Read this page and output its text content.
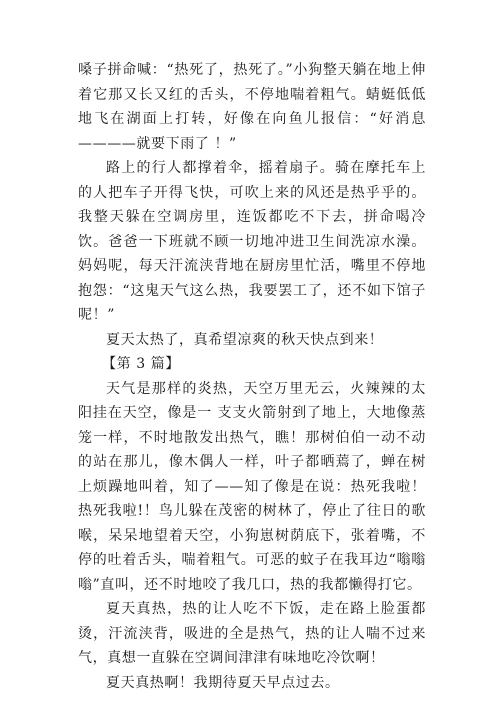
嗓子拼命喊：“热死了，热死了。”小狗整天躺在地上伸着它那又长又红的舌头，不停地喘着粗气。蜻蜓低低地飞在湖面上打转，好像在向鱼儿报信：“好消息————就要下雨了 ！”

路上的行人都撑着伞，摇着扇子。骑在摩托车上的人把车子开得飞快，可吹上来的风还是热乎乎的。我整天躲在空调房里，连饭都吃不下去，拼命喝冷饮。爸爸一下班就不顾一切地冲进卫生间洗凉水澡。妈妈呢，每天汗流浃背地在厨房里忙活，嘴里不停地抱怨：“这鬼天气这么热，我要罢工了，还不如下馆子呢！”

夏天太热了，真希望凉爽的秋天快点到来！

【第 3 篇】

天气是那样的炎热，天空万里无云，火辣辣的太阳挂在天空，像是一 支支火箭射到了地上，大地像蒸笼一样，不时地散发出热气，瞧！那树伯伯一动不动的站在那儿，像木偶人一样，叶子都晒蔫了，蝉在树上烦躁地叫着，知了——知了像是在说：热死我啦！热死我啦!！鸟儿躲在茂密的树林了，停止了往日的歌喉，呆呆地望着天空，小狗崽树荫底下，张着嘴，不停的吐着舌头，喘着粗气。可恶的蚊子在我耳边“嗡嗡嗡”直叫，还不时地咬了我几口，热的我都懒得打它。

夏天真热，热的让人吃不下饭，走在路上脸蛋都烫，汗流浃背，吸进的全是热气，热的让人喘不过来气，真想一直躲在空调间津津有味地吃冷饮啊！

夏天真热啊！我期待夏天早点过去。
